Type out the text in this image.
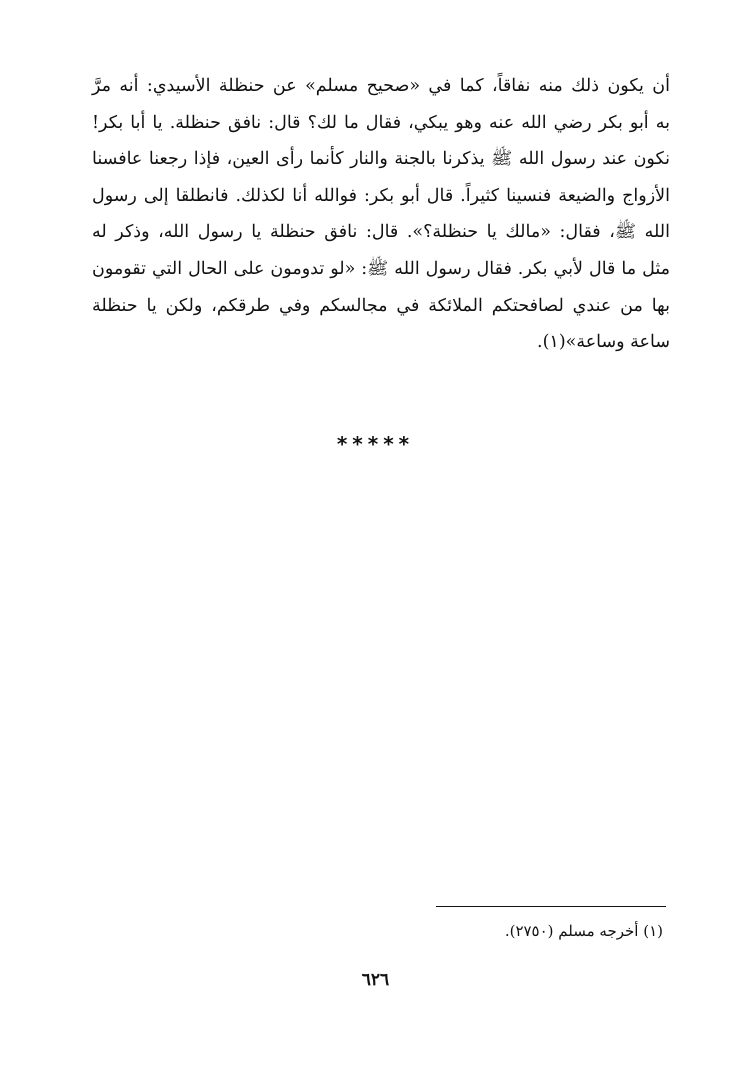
أن يكون ذلك منه نفاقاً، كما في «صحيح مسلم» عن حنظلة الأسيدي: أنه مرَّ
به أبو بكر رضي الله عنه وهو يبكي، فقال ما لك؟ قال: نافق حنظلة. يا أبا بكر!
نكون عند رسول الله ﷺ يذكرنا بالجنة والنار كأنما رأى العين، فإذا رجعنا عافسنا
الأزواج والضيعة فنسينا كثيراً. قال أبو بكر: فوالله أنا لكذلك. فانطلقا إلى رسول
الله ﷺ، فقال: «مالك يا حنظلة؟». قال: نافق حنظلة يا رسول الله، وذكر له
مثل ما قال لأبي بكر. فقال رسول الله ﷺ: «لو تدومون على الحال التي تقومون
بها من عندي لصافحتكم الملائكة في مجالسكم وفي طرقكم، ولكن يا حنظلة
ساعة وساعة»(١).
*****
(١) أخرجه مسلم (٢٧٥٠).
٦٢٦
